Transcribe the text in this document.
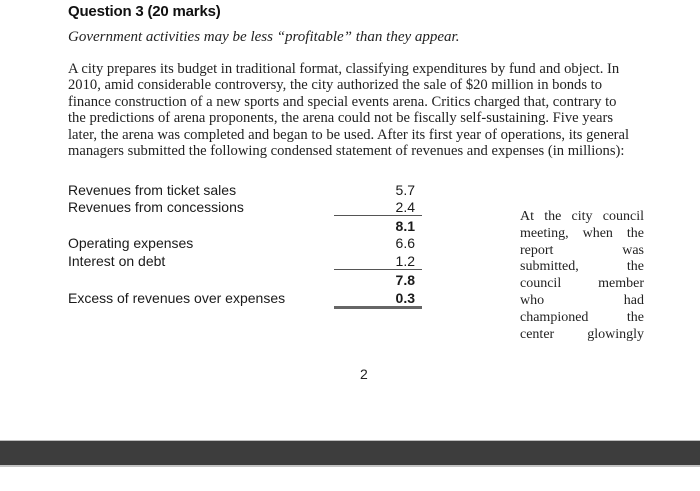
Question 3 (20 marks)
Government activities may be less “profitable” than they appear.
A city prepares its budget in traditional format, classifying expenditures by fund and object. In
2010, amid considerable controversy, the city authorized the sale of $20 million in bonds to
finance construction of a new sports and special events arena. Critics charged that, contrary to
the predictions of arena proponents, the arena could not be fiscally self-sustaining. Five years
later, the arena was completed and began to be used. After its first year of operations, its general
managers submitted the following condensed statement of revenues and expenses (in millions):
Revenues from ticket sales	5.7
Revenues from concessions	2.4
8.1
Operating expenses	6.6
Interest on debt	1.2
7.8
Excess of revenues over expenses	0.3
At the city council
meeting, when the
report	was
submitted,	the
council	member
who	had
championed	the
center glowingly
2
